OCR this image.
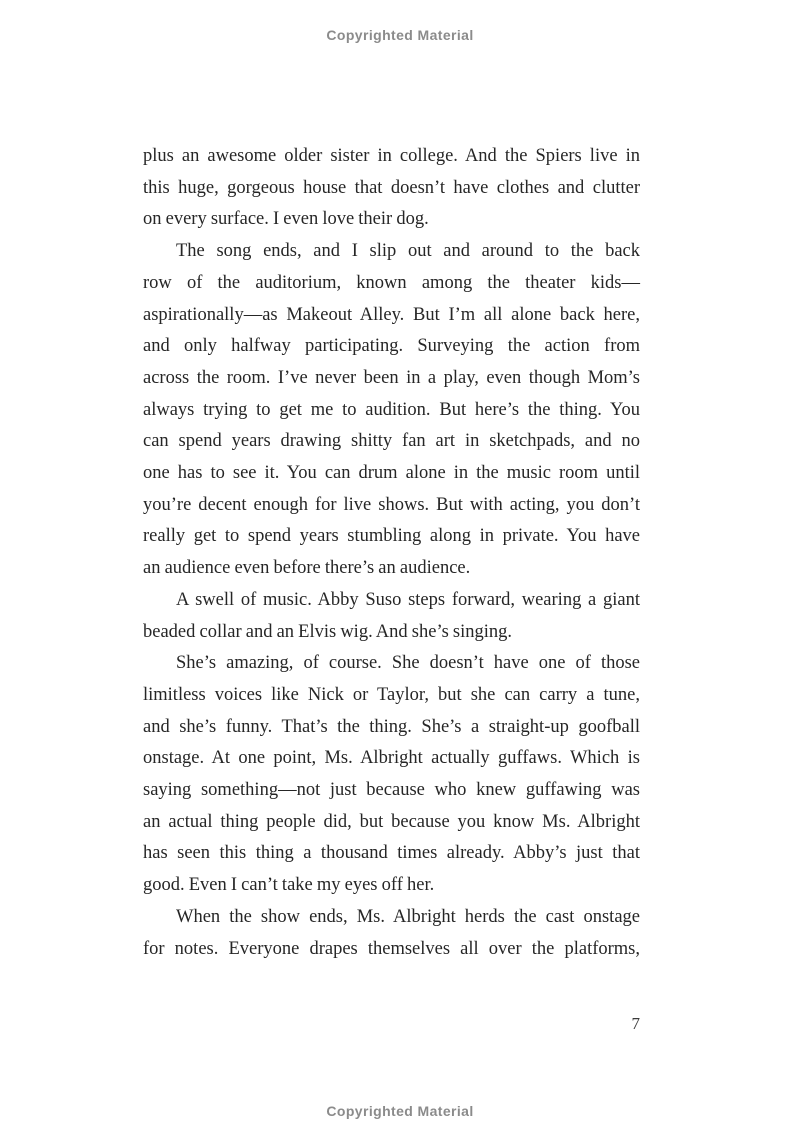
Copyrighted Material
plus an awesome older sister in college. And the Spiers live in
this huge, gorgeous house that doesn’t have clothes and clutter
on every surface. I even love their dog.
The song ends, and I slip out and around to the back
row of the auditorium, known among the theater kids—
aspirationally—as Makeout Alley. But I’m all alone back here,
and only halfway participating. Surveying the action from
across the room. I’ve never been in a play, even though Mom’s
always trying to get me to audition. But here’s the thing. You
can spend years drawing shitty fan art in sketchpads, and no
one has to see it. You can drum alone in the music room until
you’re decent enough for live shows. But with acting, you don’t
really get to spend years stumbling along in private. You have
an audience even before there’s an audience.
A swell of music. Abby Suso steps forward, wearing a giant
beaded collar and an Elvis wig. And she’s singing.
She’s amazing, of course. She doesn’t have one of those
limitless voices like Nick or Taylor, but she can carry a tune,
and she’s funny. That’s the thing. She’s a straight-up goofball
onstage. At one point, Ms. Albright actually guffaws. Which is
saying something—not just because who knew guffawing was
an actual thing people did, but because you know Ms. Albright
has seen this thing a thousand times already. Abby’s just that
good. Even I can’t take my eyes off her.
When the show ends, Ms. Albright herds the cast onstage
for notes. Everyone drapes themselves all over the platforms,
7
Copyrighted Material
